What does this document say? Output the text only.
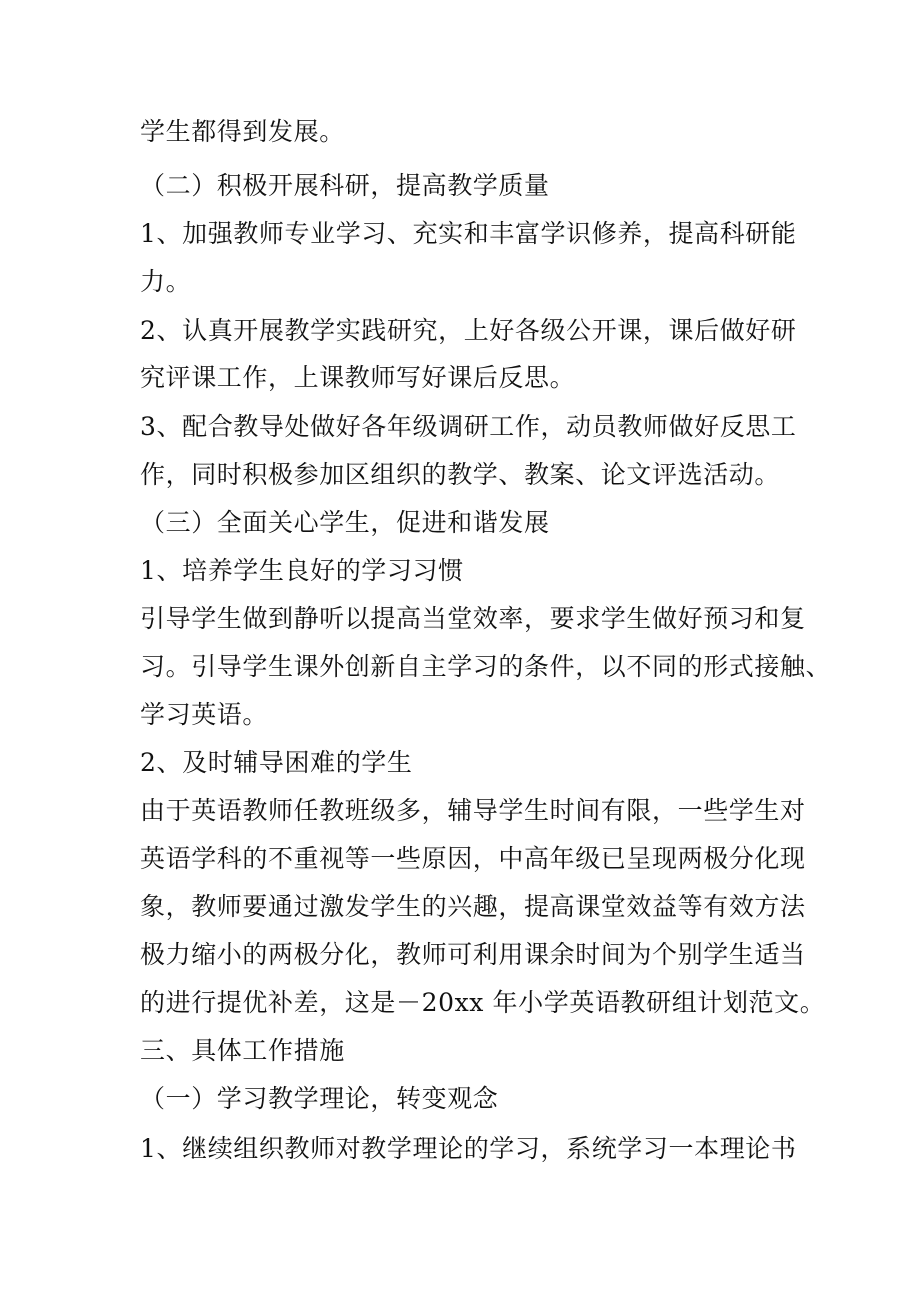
学生都得到发展。
（二）积极开展科研，提高教学质量
1、加强教师专业学习、充实和丰富学识修养，提高科研能
力。
2、认真开展教学实践研究，上好各级公开课，课后做好研
究评课工作，上课教师写好课后反思。
3、配合教导处做好各年级调研工作，动员教师做好反思工
作，同时积极参加区组织的教学、教案、论文评选活动。
（三）全面关心学生，促进和谐发展
1、培养学生良好的学习习惯
引导学生做到静听以提高当堂效率，要求学生做好预习和复
习。引导学生课外创新自主学习的条件，以不同的形式接触、
学习英语。
2、及时辅导困难的学生
由于英语教师任教班级多，辅导学生时间有限，一些学生对
英语学科的不重视等一些原因，中高年级已呈现两极分化现
象，教师要通过激发学生的兴趣，提高课堂效益等有效方法
极力缩小的两极分化，教师可利用课余时间为个别学生适当
的进行提优补差，这是－20xx 年小学英语教研组计划范文。
三、具体工作措施
（一）学习教学理论，转变观念
1、继续组织教师对教学理论的学习，系统学习一本理论书
